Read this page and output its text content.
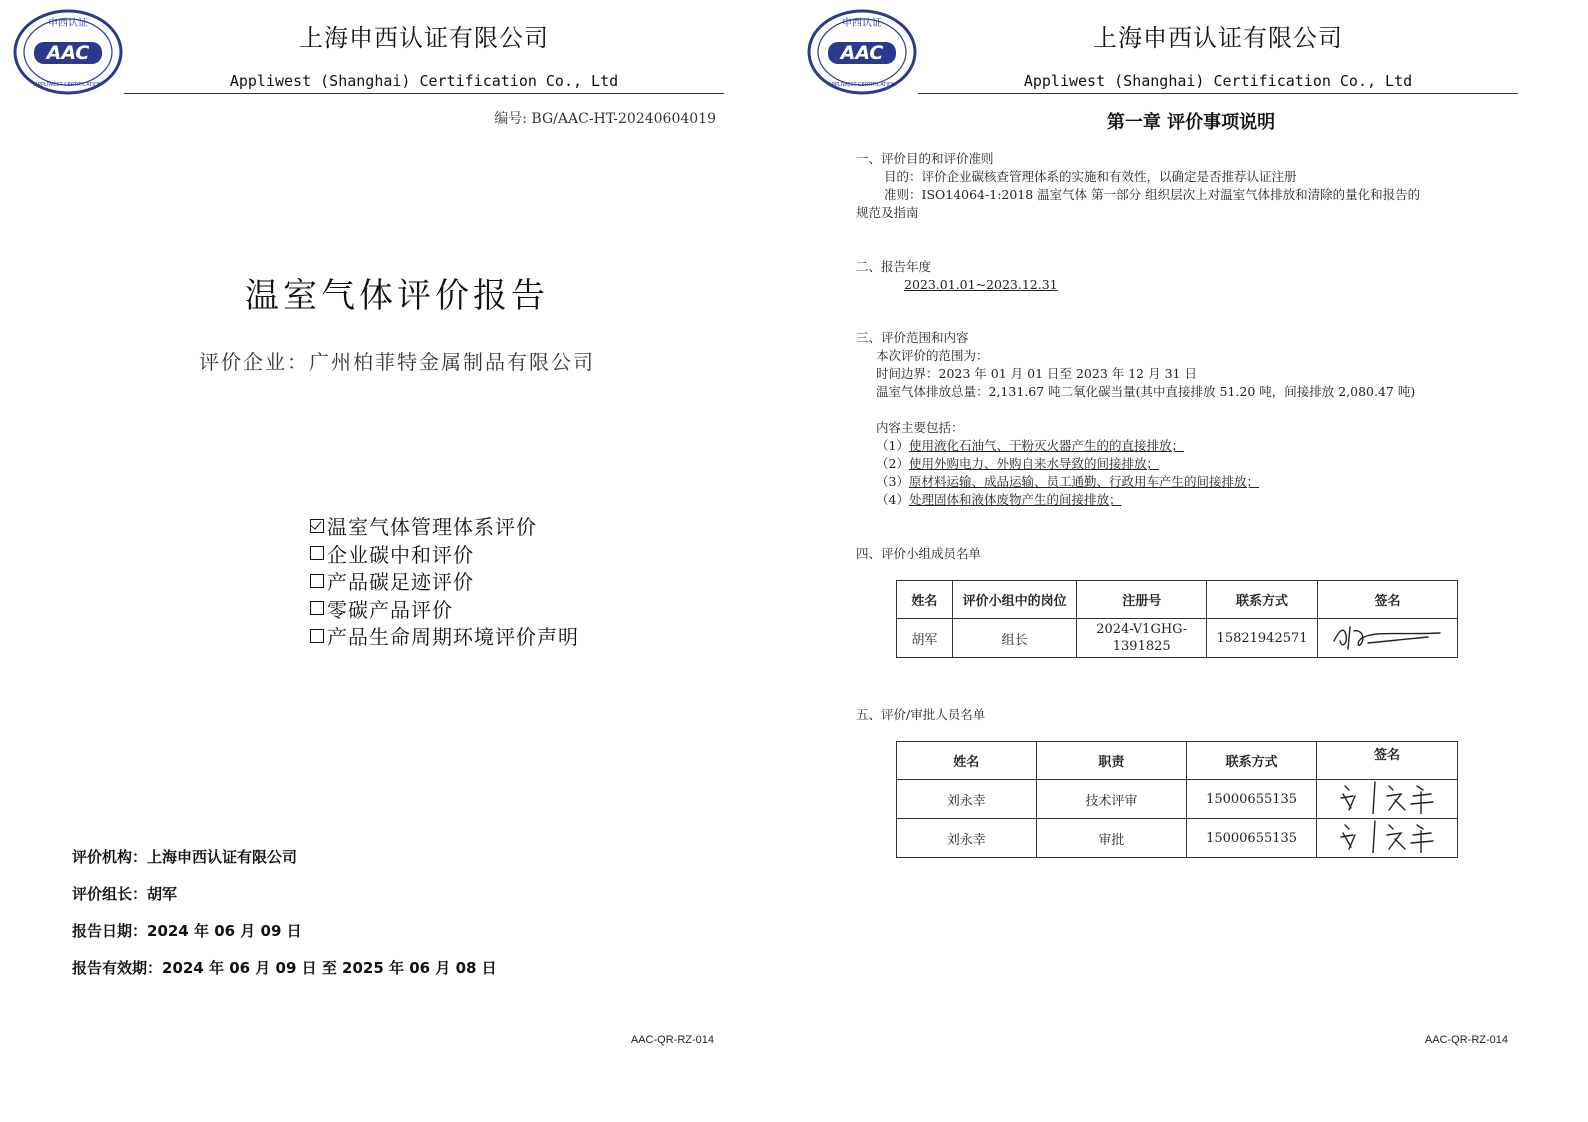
申西认证
AAC
APPLIWEST CERTIFICATION
上海申西认证有限公司
Appliwest (Shanghai) Certification Co., Ltd
编号: BG/AAC-HT-20240604019
温室气体评价报告
评价企业：广州柏菲特金属制品有限公司
温室气体管理体系评价
企业碳中和评价
产品碳足迹评价
零碳产品评价
产品生命周期环境评价声明
评价机构：上海申西认证有限公司
评价组长：胡军
报告日期：2024 年 06 月 09 日
报告有效期：2024 年 06 月 09 日 至 2025 年 06 月 08 日
AAC-QR-RZ-014
申西认证
AAC
APPLIWEST CERTIFICATION
上海申西认证有限公司
Appliwest (Shanghai) Certification Co., Ltd
第一章 评价事项说明
一、评价目的和评价准则
目的：评价企业碳核查管理体系的实施和有效性，以确定是否推荐认证注册
准则：ISO14064-1:2018 温室气体 第一部分 组织层次上对温室气体排放和清除的量化和报告的
规范及指南
二、报告年度
2023.01.01~2023.12.31
三、评价范围和内容
本次评价的范围为：
时间边界：2023 年 01 月 01 日至 2023 年 12 月 31 日
温室气体排放总量：2,131.67 吨二氧化碳当量(其中直接排放 51.20 吨，间接排放 2,080.47 吨)
内容主要包括：
（1）使用液化石油气、干粉灭火器产生的的直接排放；
（2）使用外购电力、外购自来水导致的间接排放；
（3）原材料运输、成品运输、员工通勤、行政用车产生的间接排放；
（4）处理固体和液体废物产生的间接排放；
四、评价小组成员名单
姓名	评价小组中的岗位	注册号	联系方式	签名
胡军	组长	2024-V1GHG-
1391825	15821942571	
五、评价/审批人员名单
姓名	职责	联系方式	签名
刘永幸	技术评审	15000655135	
刘永幸	审批	15000655135	
AAC-QR-RZ-014
